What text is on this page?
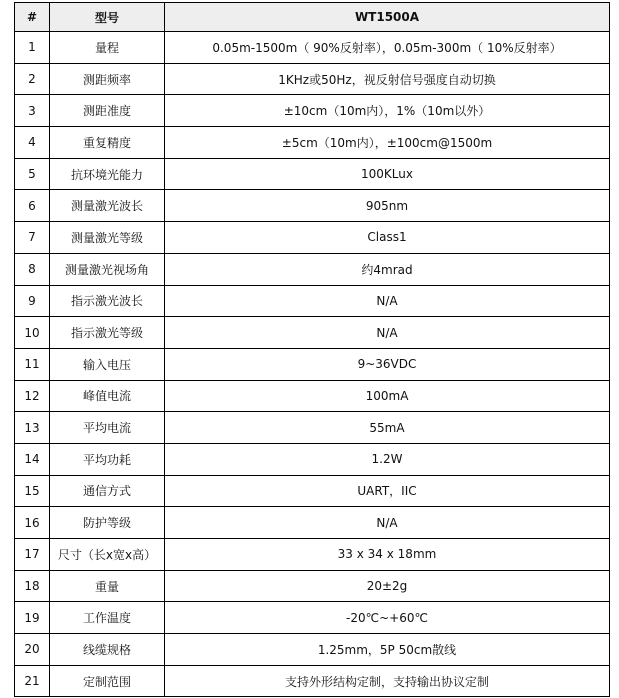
#	型号	WT1500A
1	量程	0.05m-1500m（ 90%反射率），0.05m-300m（ 10%反射率）
2	测距频率	1KHz或50Hz，视反射信号强度自动切换
3	测距准度	±10cm（10m内），1%（10m以外）
4	重复精度	±5cm（10m内），±100cm@1500m
5	抗环境光能力	100KLux
6	测量激光波长	905nm
7	测量激光等级	Class1
8	测量激光视场角	约4mrad
9	指示激光波长	N/A
10	指示激光等级	N/A
11	输入电压	9~36VDC
12	峰值电流	100mA
13	平均电流	55mA
14	平均功耗	1.2W
15	通信方式	UART，IIC
16	防护等级	N/A
17	尺寸（长x宽x高）	33 x 34 x 18mm
18	重量	20±2g
19	工作温度	-20℃~+60℃
20	线缆规格	1.25mm，5P 50cm散线
21	定制范围	支持外形结构定制，支持输出协议定制
